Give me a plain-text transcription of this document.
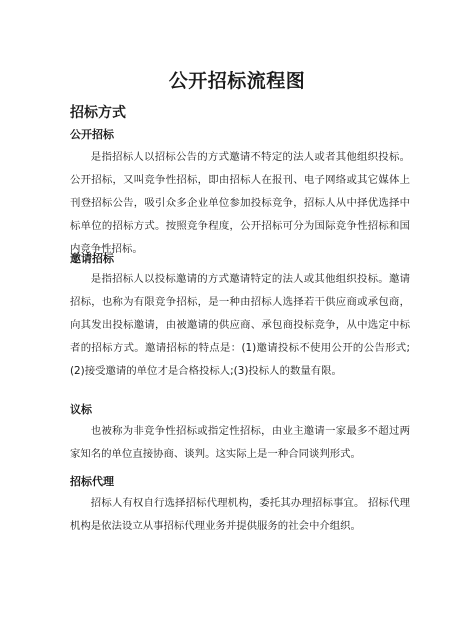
公开招标流程图
招标方式
公开招标
是指招标人以招标公告的方式邀请不特定的法人或者其他组织投标。公开招标，又叫竞争性招标，即由招标人在报刊、电子网络或其它媒体上刊登招标公告，吸引众多企业单位参加投标竞争，招标人从中择优选择中标单位的招标方式。按照竞争程度，公开招标可分为国际竞争性招标和国内竞争性招标。
邀请招标
是指招标人以投标邀请的方式邀请特定的法人或其他组织投标。邀请招标，也称为有限竞争招标，是一种由招标人选择若干供应商或承包商，向其发出投标邀请，由被邀请的供应商、承包商投标竞争，从中选定中标者的招标方式。邀请招标的特点是：(1)邀请投标不使用公开的公告形式;(2)接受邀请的单位才是合格投标人;(3)投标人的数量有限。
议标
也被称为非竞争性招标或指定性招标，由业主邀请一家最多不超过两家知名的单位直接协商、谈判。这实际上是一种合同谈判形式。
招标代理
招标人有权自行选择招标代理机构，委托其办理招标事宜。 招标代理机构是依法设立从事招标代理业务并提供服务的社会中介组织。
